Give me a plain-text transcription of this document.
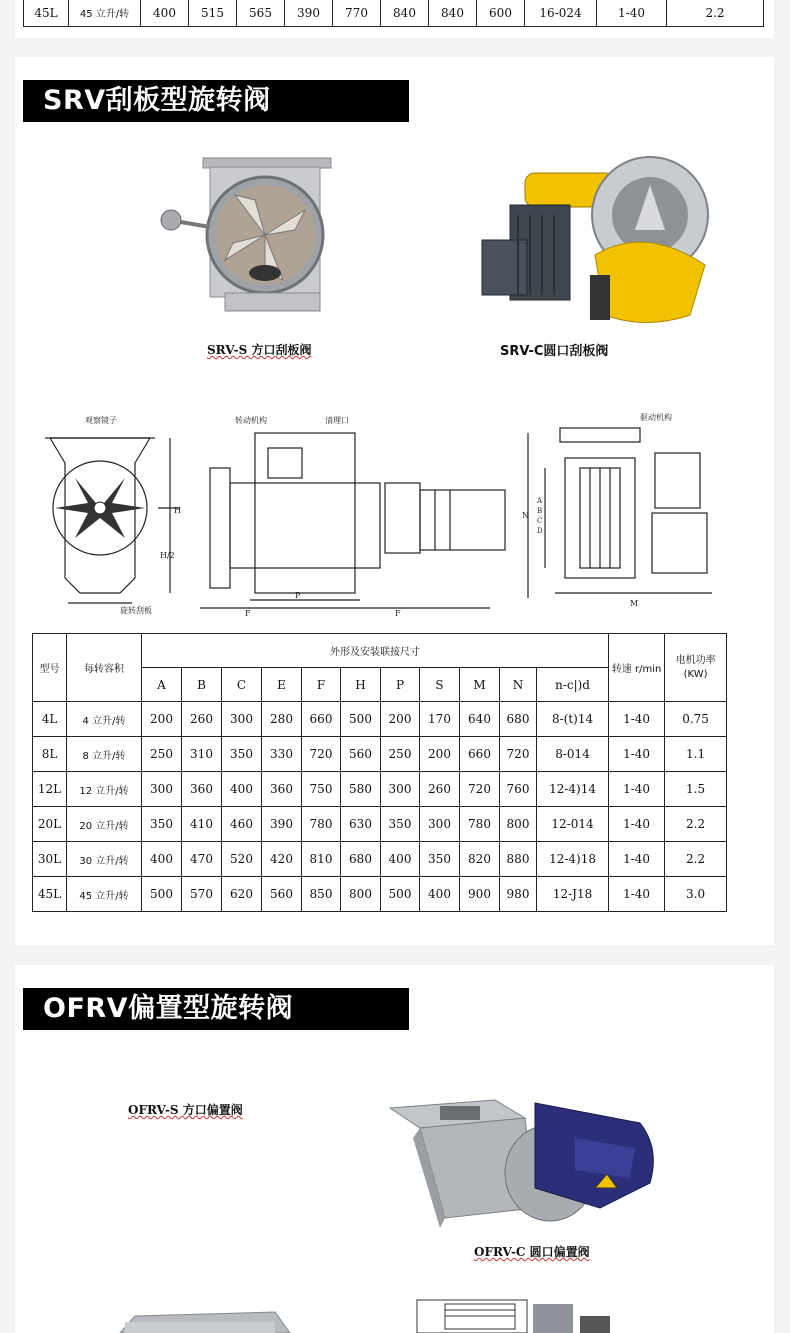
45L	45 立升/转	400	515	565	390	770	840	840	600	16-024	1-40	2.2
SRV刮板型旋转阀
SRV-S 方口刮板阀	SRV-C圆口刮板阀
观察镜子
旋转刮板
H
H/2
转动机构	清理口
F
P
F
驱动机构
N
M
A
B
C
D
型号	每转容积	外形及安装联接尺寸											转速 r/min	电机功率
(KW)
		A	B	C	E	F	H	P	S	M	N	n-c|)d		
4L	4 立升/转	200	260	300	280	660	500	200	170	640	680	8-(t)14	1-40	0.75
8L	8 立升/转	250	310	350	330	720	560	250	200	660	720	8-014	1-40	1.1
12L	12 立升/转	300	360	400	360	750	580	300	260	720	760	12-4)14	1-40	1.5
20L	20 立升/转	350	410	460	390	780	630	350	300	780	800	12-014	1-40	2.2
30L	30 立升/转	400	470	520	420	810	680	400	350	820	880	12-4)18	1-40	2.2
45L	45 立升/转	500	570	620	560	850	800	500	400	900	980	12-J18	1-40	3.0
OFRV偏置型旋转阀
OFRV-S 方口偏置阀
OFRV-C 圆口偏置阀
